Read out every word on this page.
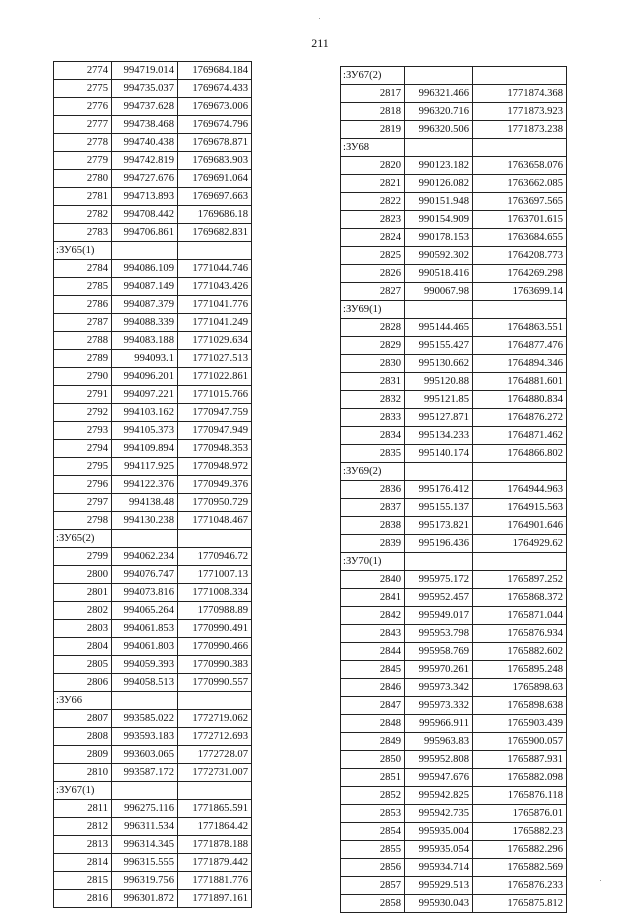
211
2774	994719.014	1769684.184
2775	994735.037	1769674.433
2776	994737.628	1769673.006
2777	994738.468	1769674.796
2778	994740.438	1769678.871
2779	994742.819	1769683.903
2780	994727.676	1769691.064
2781	994713.893	1769697.663
2782	994708.442	1769686.18
2783	994706.861	1769682.831
:ЗУ65(1)		
2784	994086.109	1771044.746
2785	994087.149	1771043.426
2786	994087.379	1771041.776
2787	994088.339	1771041.249
2788	994083.188	1771029.634
2789	994093.1	1771027.513
2790	994096.201	1771022.861
2791	994097.221	1771015.766
2792	994103.162	1770947.759
2793	994105.373	1770947.949
2794	994109.894	1770948.353
2795	994117.925	1770948.972
2796	994122.376	1770949.376
2797	994138.48	1770950.729
2798	994130.238	1771048.467
:ЗУ65(2)		
2799	994062.234	1770946.72
2800	994076.747	1771007.13
2801	994073.816	1771008.334
2802	994065.264	1770988.89
2803	994061.853	1770990.491
2804	994061.803	1770990.466
2805	994059.393	1770990.383
2806	994058.513	1770990.557
:ЗУ66		
2807	993585.022	1772719.062
2808	993593.183	1772712.693
2809	993603.065	1772728.07
2810	993587.172	1772731.007
:ЗУ67(1)		
2811	996275.116	1771865.591
2812	996311.534	1771864.42
2813	996314.345	1771878.188
2814	996315.555	1771879.442
2815	996319.756	1771881.776
2816	996301.872	1771897.161
:ЗУ67(2)		
2817	996321.466	1771874.368
2818	996320.716	1771873.923
2819	996320.506	1771873.238
:ЗУ68		
2820	990123.182	1763658.076
2821	990126.082	1763662.085
2822	990151.948	1763697.565
2823	990154.909	1763701.615
2824	990178.153	1763684.655
2825	990592.302	1764208.773
2826	990518.416	1764269.298
2827	990067.98	1763699.14
:ЗУ69(1)		
2828	995144.465	1764863.551
2829	995155.427	1764877.476
2830	995130.662	1764894.346
2831	995120.88	1764881.601
2832	995121.85	1764880.834
2833	995127.871	1764876.272
2834	995134.233	1764871.462
2835	995140.174	1764866.802
:ЗУ69(2)		
2836	995176.412	1764944.963
2837	995155.137	1764915.563
2838	995173.821	1764901.646
2839	995196.436	1764929.62
:ЗУ70(1)		
2840	995975.172	1765897.252
2841	995952.457	1765868.372
2842	995949.017	1765871.044
2843	995953.798	1765876.934
2844	995958.769	1765882.602
2845	995970.261	1765895.248
2846	995973.342	1765898.63
2847	995973.332	1765898.638
2848	995966.911	1765903.439
2849	995963.83	1765900.057
2850	995952.808	1765887.931
2851	995947.676	1765882.098
2852	995942.825	1765876.118
2853	995942.735	1765876.01
2854	995935.004	1765882.23
2855	995935.054	1765882.296
2856	995934.714	1765882.569
2857	995929.513	1765876.233
2858	995930.043	1765875.812
